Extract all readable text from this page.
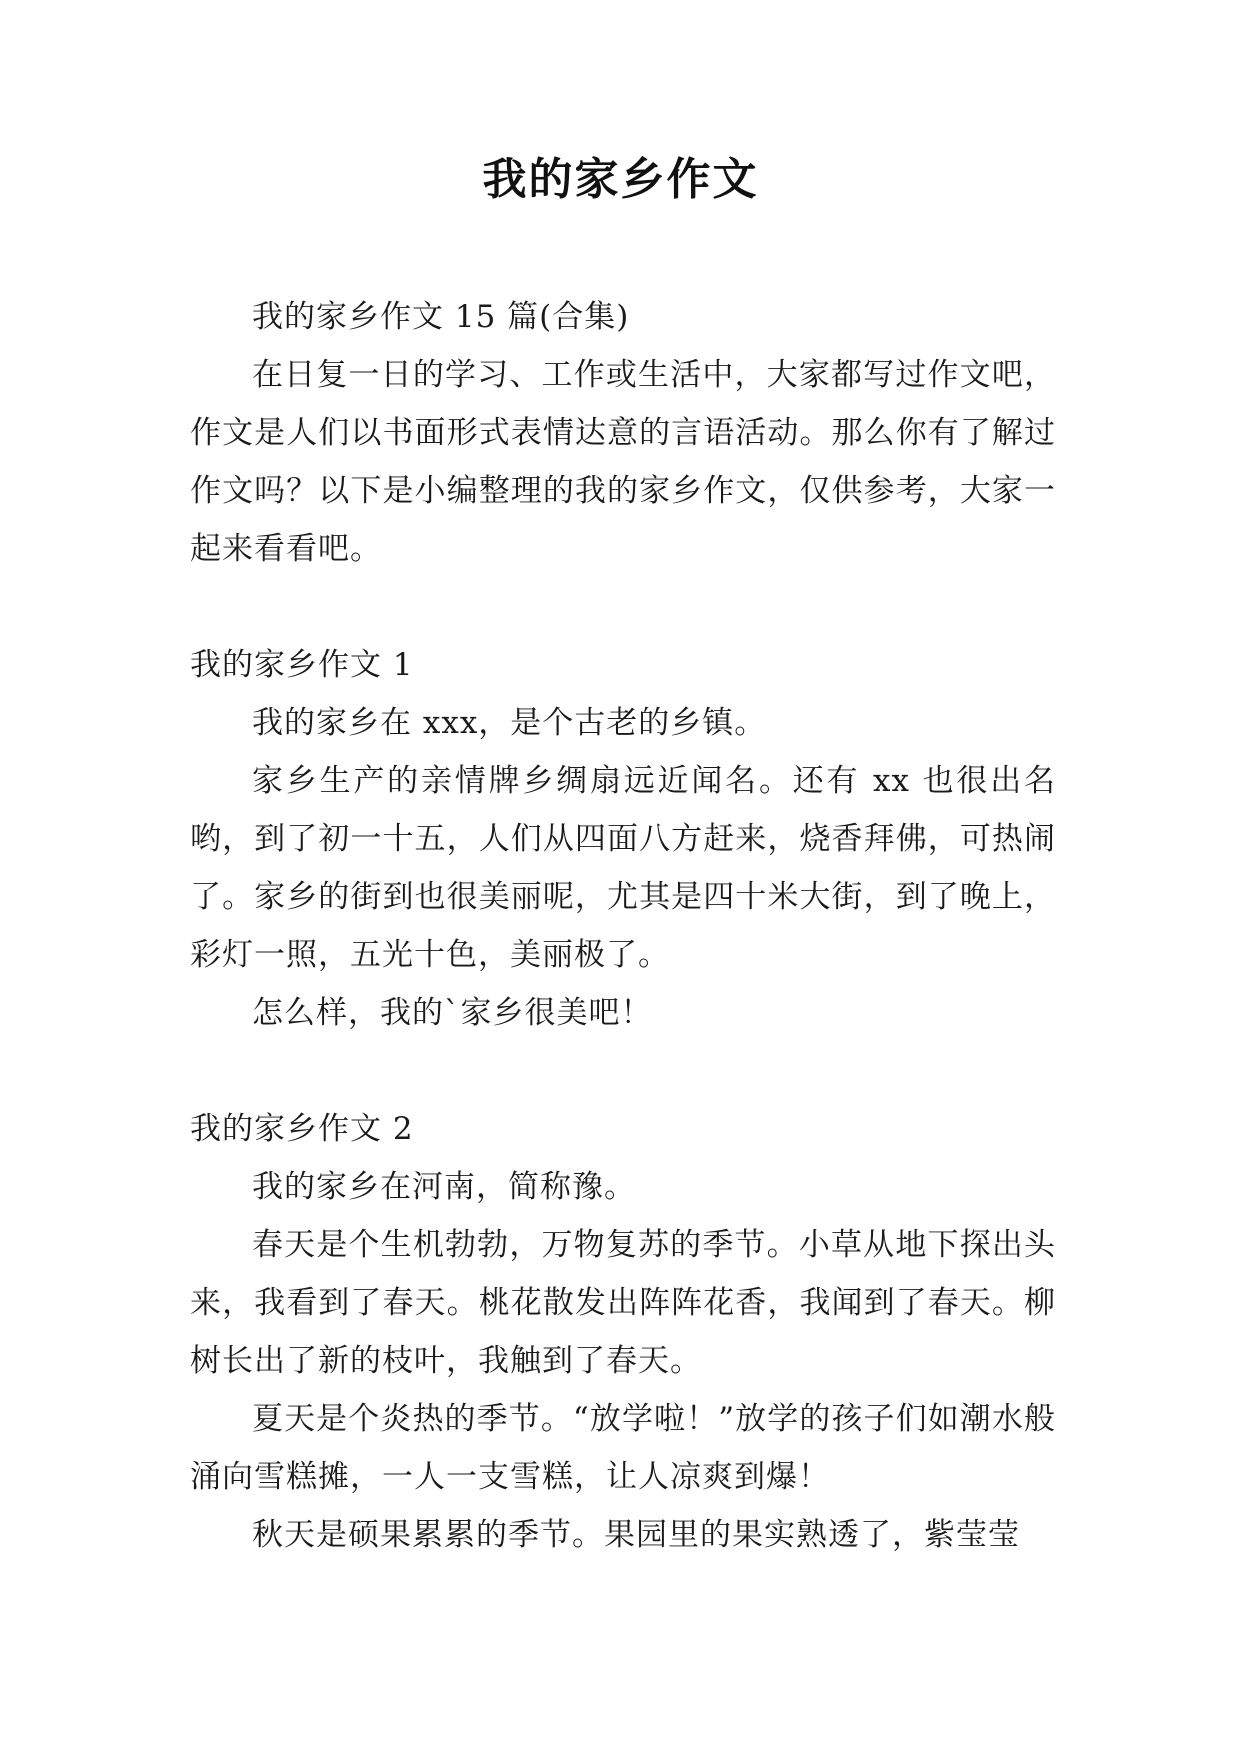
我的家乡作文

我的家乡作文 15 篇(合集)

在日复一日的学习、工作或生活中，大家都写过作文吧，作文是人们以书面形式表情达意的言语活动。那么你有了解过作文吗？以下是小编整理的我的家乡作文，仅供参考，大家一起来看看吧。

我的家乡作文 1

我的家乡在 xxx，是个古老的乡镇。

家乡生产的亲情牌乡绸扇远近闻名。还有 xx 也很出名哟，到了初一十五，人们从四面八方赶来，烧香拜佛，可热闹了。家乡的街到也很美丽呢，尤其是四十米大街，到了晚上，彩灯一照，五光十色，美丽极了。

怎么样，我的`家乡很美吧！

我的家乡作文 2

我的家乡在河南，简称豫。

春天是个生机勃勃，万物复苏的季节。小草从地下探出头来，我看到了春天。桃花散发出阵阵花香，我闻到了春天。柳树长出了新的枝叶，我触到了春天。

夏天是个炎热的季节。“放学啦！”放学的孩子们如潮水般涌向雪糕摊，一人一支雪糕，让人凉爽到爆！

秋天是硕果累累的季节。果园里的果实熟透了，紫莹莹
